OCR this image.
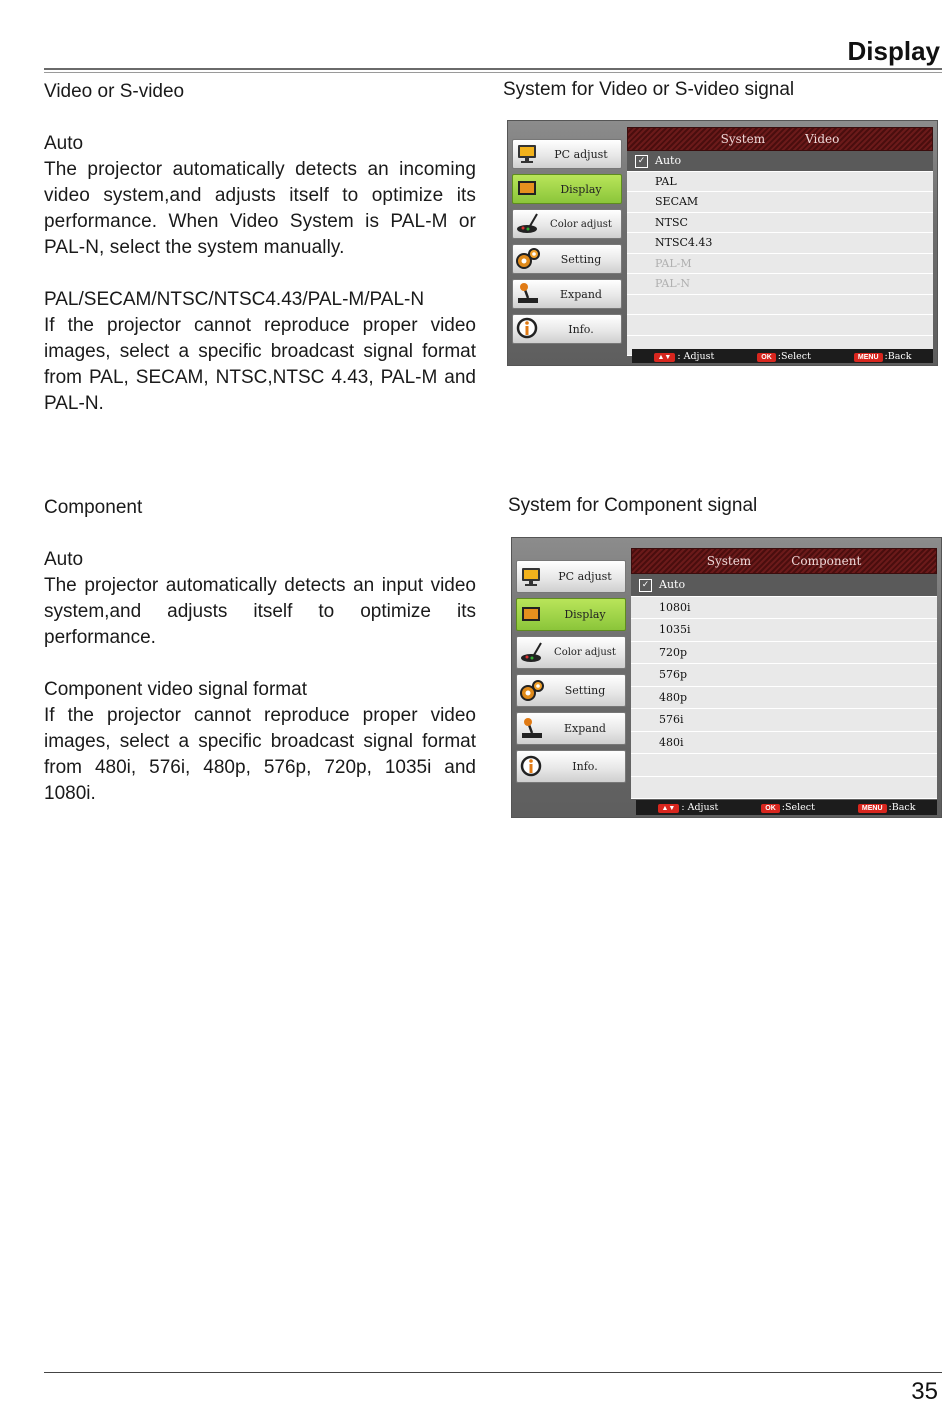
Display

Video or S-video

Auto

The projector automatically detects an incoming video system,and adjusts itself to optimize its performance. When Video System is PAL-M or PAL-N, select the system manually.

PAL/SECAM/NTSC/NTSC4.43/PAL-M/PAL-N

If the projector cannot reproduce proper video images, select a specific broadcast signal format from PAL, SECAM, NTSC,NTSC 4.43, PAL-M and PAL-N.

System for Video or S-video signal
PC adjust
Display
Color adjust
Setting
Expand
Info.
System	Video
✓ Auto
PAL
SECAM
NTSC
NTSC4.43
PAL-M
PAL-N
▲▼ : Adjust	OK :Select	MENU :Back

Component

Auto

The projector automatically detects an input video system,and adjusts itself to optimize its performance.

Component video signal format

If the projector cannot reproduce proper video images, select a specific broadcast signal format from 480i, 576i, 480p, 576p, 720p, 1035i and 1080i.

System for Component signal
PC adjust
Display
Color adjust
Setting
Expand
Info.
System	Component
✓ Auto
1080i
1035i
720p
576p
480p
576i
480i
▲▼ : Adjust	OK :Select	MENU :Back
35
